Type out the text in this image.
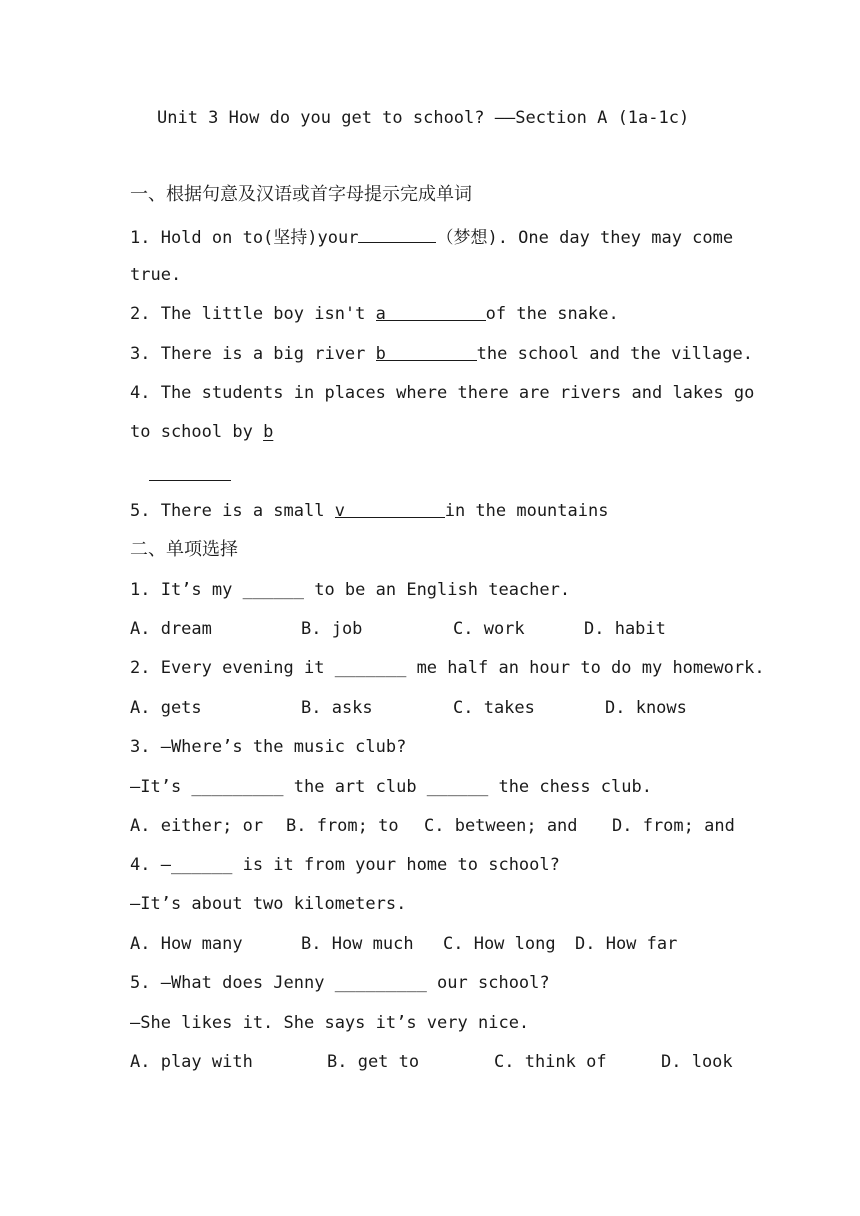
Unit 3 How do you get to school? ——Section A (1a-1c)

一、根据句意及汉语或首字母提示完成单词

1. Hold on to(坚持)your	（梦想). One day they may come

true.

2. The little boy isn't a	of the snake.

3. There is a big river b	the school and the village.

4. The students in places where there are rivers and lakes go

to school by b

5. There is a small v	in the mountains

二、单项选择

1. It’s my ______ to be an English teacher.

A. dream	B. job	C. work	D. habit

2. Every evening it _______ me half an hour to do my homework.

A. gets	B. asks	C. takes	D. knows

3. —Where’s the music club?

—It’s _________ the art club ______ the chess club.

A. either; or B. from; to C. between; and D. from; and

4. —______ is it from your home to school?

—It’s about two kilometers.

A. How many	B. How much C. How long D. How far

5. —What does Jenny _________ our school?

—She likes it. She says it’s very nice.

A. play with	B. get to	C. think of	D. look
